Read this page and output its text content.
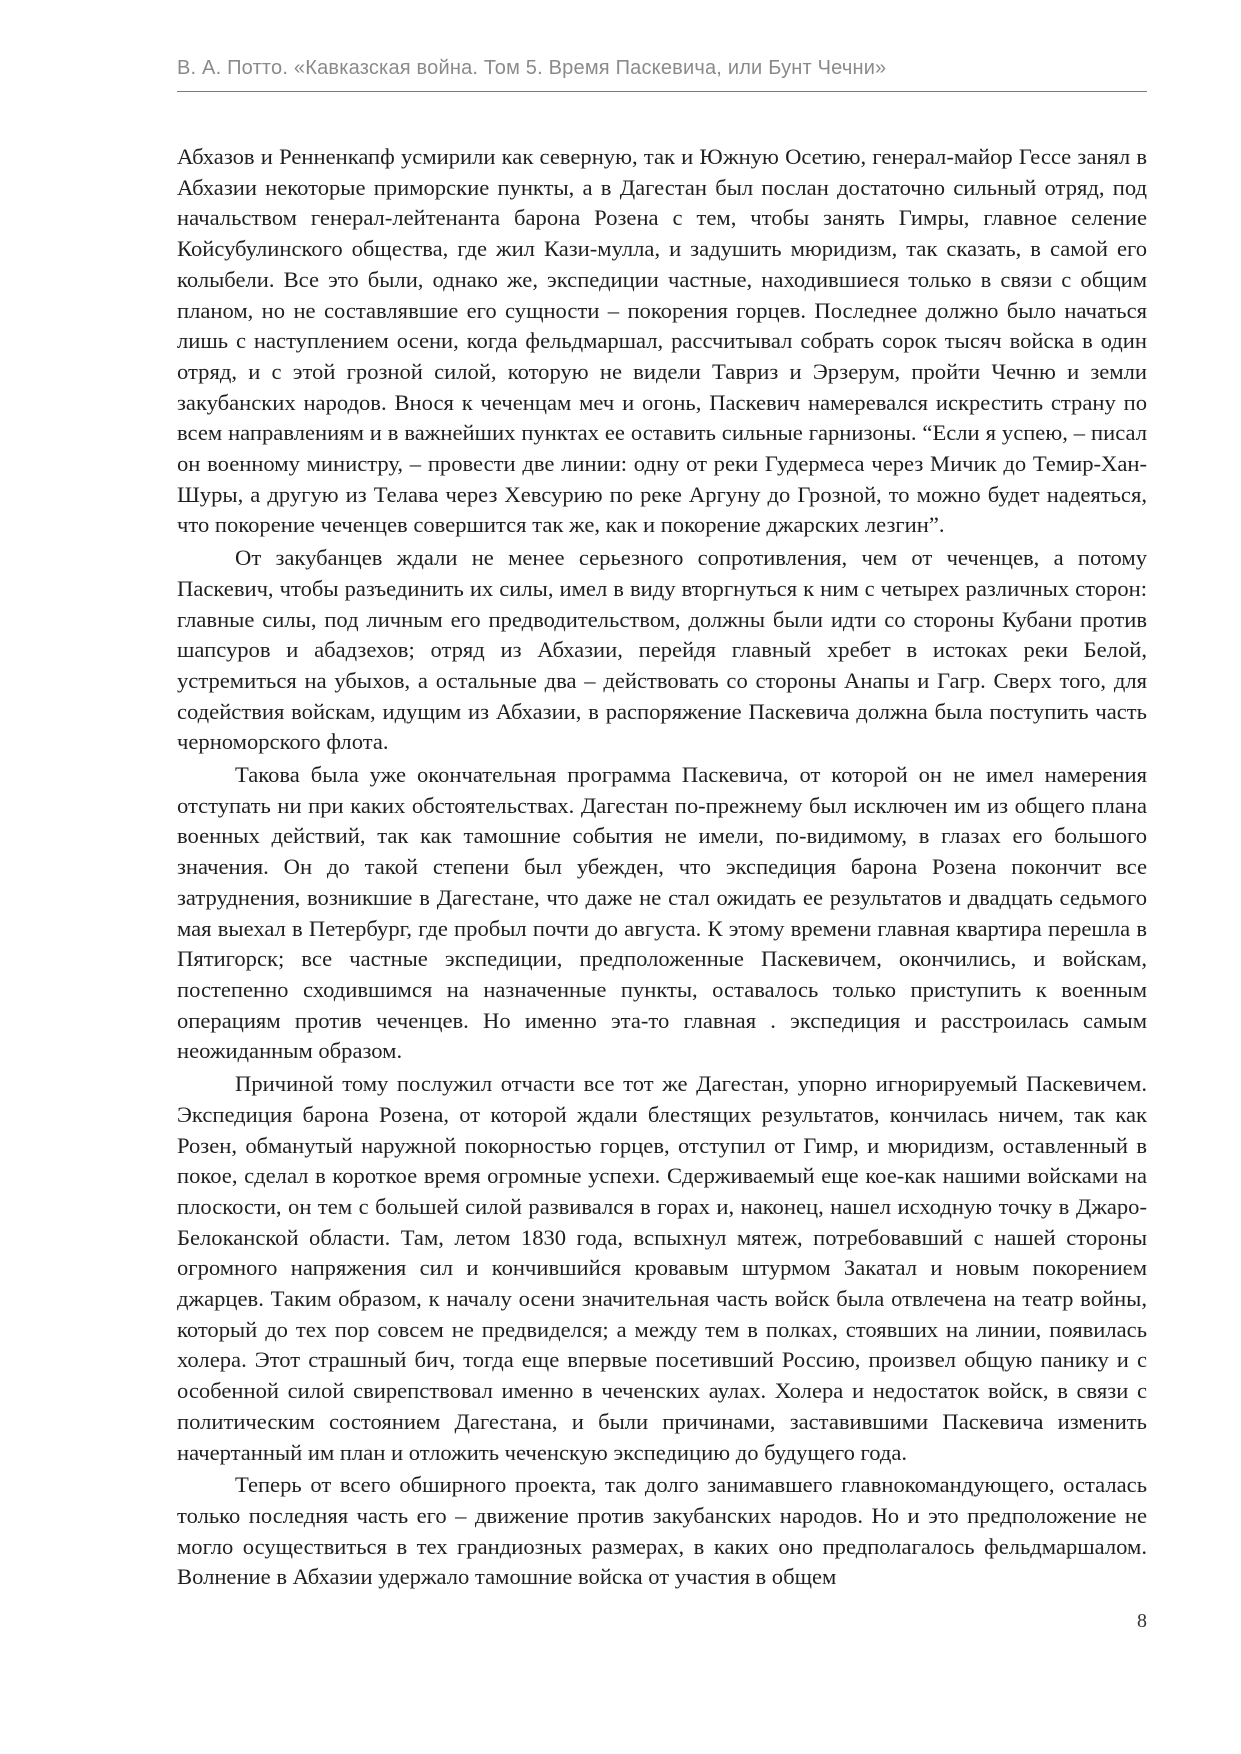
В. А. Потто. «Кавказская война. Том 5. Время Паскевича, или Бунт Чечни»

Абхазов и Ренненкапф усмирили как северную, так и Южную Осетию, генерал-майор Гессе занял в Абхазии некоторые приморские пункты, а в Дагестан был послан достаточно сильный отряд, под начальством генерал-лейтенанта барона Розена с тем, чтобы занять Гимры, главное селение Койсубулинского общества, где жил Кази-мулла, и задушить мюридизм, так сказать, в самой его колыбели. Все это были, однако же, экспедиции частные, находившиеся только в связи с общим планом, но не составлявшие его сущности – покорения горцев. Последнее должно было начаться лишь с наступлением осени, когда фельдмаршал, рассчитывал собрать сорок тысяч войска в один отряд, и с этой грозной силой, которую не видели Тавриз и Эрзерум, пройти Чечню и земли закубанских народов. Внося к чеченцам меч и огонь, Паскевич намеревался искрестить страну по всем направлениям и в важнейших пунктах ее оставить сильные гарнизоны. “Если я успею, – писал он военному министру, – провести две линии: одну от реки Гудермеса через Мичик до Темир-Хан-Шуры, а другую из Телава через Хевсурию по реке Аргуну до Грозной, то можно будет надеяться, что покорение чеченцев совершится так же, как и покорение джарских лезгин”.

От закубанцев ждали не менее серьезного сопротивления, чем от чеченцев, а потому Паскевич, чтобы разъединить их силы, имел в виду вторгнуться к ним с четырех различных сторон: главные силы, под личным его предводительством, должны были идти со стороны Кубани против шапсуров и абадзехов; отряд из Абхазии, перейдя главный хребет в истоках реки Белой, устремиться на убыхов, а остальные два – действовать со стороны Анапы и Гагр. Сверх того, для содействия войскам, идущим из Абхазии, в распоряжение Паскевича должна была поступить часть черноморского флота.

Такова была уже окончательная программа Паскевича, от которой он не имел намерения отступать ни при каких обстоятельствах. Дагестан по-прежнему был исключен им из общего плана военных действий, так как тамошние события не имели, по-видимому, в глазах его большого значения. Он до такой степени был убежден, что экспедиция барона Розена покончит все затруднения, возникшие в Дагестане, что даже не стал ожидать ее результатов и двадцать седьмого мая выехал в Петербург, где пробыл почти до августа. К этому времени главная квартира перешла в Пятигорск; все частные экспедиции, предположенные Паскевичем, окончились, и войскам, постепенно сходившимся на назначенные пункты, оставалось только приступить к военным операциям против чеченцев. Но именно эта-то главная . экспедиция и расстроилась самым неожиданным образом.

Причиной тому послужил отчасти все тот же Дагестан, упорно игнорируемый Паскевичем. Экспедиция барона Розена, от которой ждали блестящих результатов, кончилась ничем, так как Розен, обманутый наружной покорностью горцев, отступил от Гимр, и мюридизм, оставленный в покое, сделал в короткое время огромные успехи. Сдерживаемый еще кое-как нашими войсками на плоскости, он тем с большей силой развивался в горах и, наконец, нашел исходную точку в Джаро-Белоканской области. Там, летом 1830 года, вспыхнул мятеж, потребовавший с нашей стороны огромного напряжения сил и кончившийся кровавым штурмом Закатал и новым покорением джарцев. Таким образом, к началу осени значительная часть войск была отвлечена на театр войны, который до тех пор совсем не предвиделся; а между тем в полках, стоявших на линии, появилась холера. Этот страшный бич, тогда еще впервые посетивший Россию, произвел общую панику и с особенной силой свирепствовал именно в чеченских аулах. Холера и недостаток войск, в связи с политическим состоянием Дагестана, и были причинами, заставившими Паскевича изменить начертанный им план и отложить чеченскую экспедицию до будущего года.

Теперь от всего обширного проекта, так долго занимавшего главнокомандующего, осталась только последняя часть его – движение против закубанских народов. Но и это предположение не могло осуществиться в тех грандиозных размерах, в каких оно предполагалось фельдмаршалом. Волнение в Абхазии удержало тамошние войска от участия в общем

8
